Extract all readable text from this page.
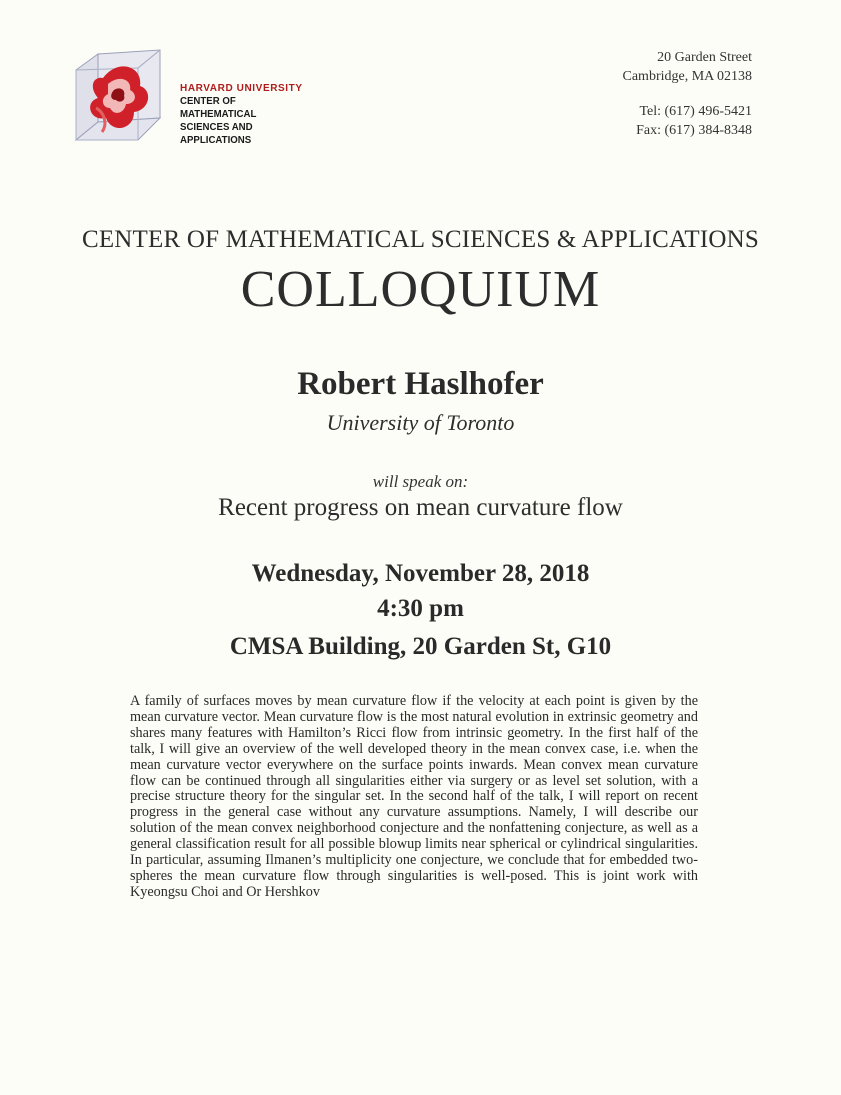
HARVARD UNIVERSITY
CENTER OF MATHEMATICAL
SCIENCES AND APPLICATIONS
20 Garden Street
Cambridge, MA 02138
Tel: (617) 496-5421
Fax: (617) 384-8348
CENTER OF MATHEMATICAL SCIENCES & APPLICATIONS
COLLOQUIUM
Robert Haslhofer
University of Toronto
will speak on:
Recent progress on mean curvature flow
Wednesday, November 28, 2018
4:30 pm
CMSA Building, 20 Garden St, G10
A family of surfaces moves by mean curvature flow if the velocity at each point is given by the mean curvature vector. Mean curvature flow is the most natural evolution in extrinsic geometry and shares many features with Hamilton’s Ricci flow from intrinsic geometry. In the first half of the talk, I will give an overview of the well developed theory in the mean convex case, i.e. when the mean curvature vector everywhere on the surface points inwards. Mean convex mean curvature flow can be continued through all singularities either via surgery or as level set solution, with a precise structure theory for the singular set. In the second half of the talk, I will report on recent progress in the general case without any curvature assumptions. Namely, I will describe our solution of the mean convex neighborhood conjecture and the nonfattening conjecture, as well as a general classification result for all possible blowup limits near spherical or cylindrical singularities. In particular, assuming Ilmanen’s multiplicity one conjecture, we conclude that for embedded two-spheres the mean curvature flow through singularities is well-posed. This is joint work with Kyeongsu Choi and Or Hershkov
